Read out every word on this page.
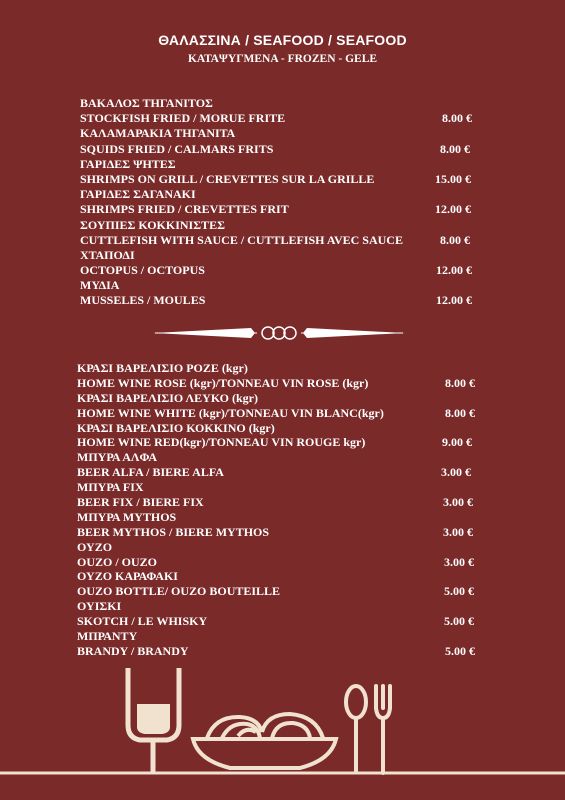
ΘΑΛΑΣΣΙΝΑ / SEAFOOD / SEAFOOD
ΚΑΤΑΨΥΓΜΕΝΑ - FROZEN - GELE
ΒΑΚΑΛΟΣ ΤΗΓΑΝΙΤΟΣ
STOCKFISH FRIED / MORUE FRITE	8.00 €
ΚΑΛΑΜΑΡΑΚΙΑ ΤΗΓΑΝΙΤΑ
SQUIDS FRIED / CALMARS FRITS	8.00 €
ΓΑΡΙΔΕΣ ΨΗΤΕΣ
SHRIMPS ON GRILL / CREVETTES SUR LA GRILLE	15.00 €
ΓΑΡΙΔΕΣ ΣΑΓΑΝΑΚΙ
SHRIMPS FRIED / CREVETTES FRIT	12.00 €
ΣΟΥΠΙΕΣ ΚΟΚΚΙΝΙΣΤΕΣ
CUTTLEFISH WITH SAUCE / CUTTLEFISH AVEC SAUCE	8.00 €
ΧΤΑΠΟΔΙ
OCTOPUS / OCTOPUS	12.00 €
ΜΥΔΙΑ
MUSSELES / MOULES	12.00 €
ΚΡΑΣΙ ΒΑΡΕΛΙΣΙΟ ΡΟΖΕ (kgr)
HOME WINE ROSE (kgr)/TONNEAU VIN ROSE (kgr)	8.00 €
ΚΡΑΣΙ ΒΑΡΕΛΙΣΙΟ ΛΕΥΚΟ (kgr)
HOME WINE WHITE (kgr)/TONNEAU VIN BLANC(kgr)	8.00 €
ΚΡΑΣΙ ΒΑΡΕΛΙΣΙΟ ΚΟΚΚΙΝΟ (kgr)
HOME WINE RED(kgr)/TONNEAU VIN ROUGE kgr)	9.00 €
ΜΠΥΡΑ ΑΛΦΑ
BEER ALFA / BIERE ALFA	3.00 €
ΜΠΥΡΑ FIX
BEER FIX / BIERE FIX	3.00 €
ΜΠΥΡΑ MYTHOS
BEER MYTHOS / BIERE MYTHOS	3.00 €
ΟΥΖΟ
OUZO / OUZO	3.00 €
ΟΥΖΟ ΚΑΡΑΦΑΚΙ
OUZO BOTTLE/ OUZO BOUTEILLE	5.00 €
ΟΥΙΣΚΙ
SKOTCH / LE WHISKY	5.00 €
ΜΠΡΑΝΤΥ
BRANDY / BRANDY	5.00 €
